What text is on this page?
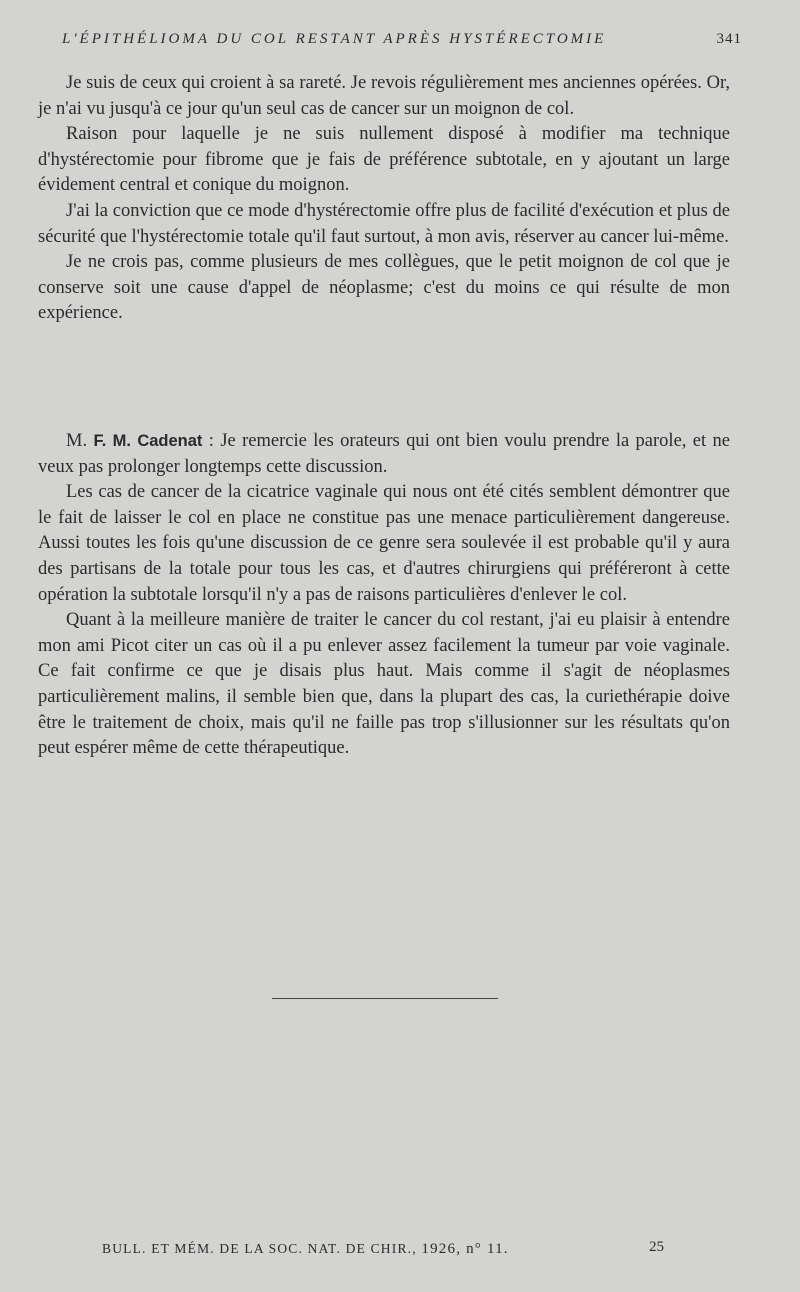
L'ÉPITHÉLIOMA DU COL RESTANT APRÈS HYSTÉRECTOMIE	341

Je suis de ceux qui croient à sa rareté. Je revois régulièrement mes anciennes opérées. Or, je n'ai vu jusqu'à ce jour qu'un seul cas de cancer sur un moignon de col.

Raison pour laquelle je ne suis nullement disposé à modifier ma technique d'hystérectomie pour fibrome que je fais de préférence subtotale, en y ajoutant un large évidement central et conique du moignon.

J'ai la conviction que ce mode d'hystérectomie offre plus de facilité d'exécution et plus de sécurité que l'hystérectomie totale qu'il faut surtout, à mon avis, réserver au cancer lui-même.

Je ne crois pas, comme plusieurs de mes collègues, que le petit moignon de col que je conserve soit une cause d'appel de néoplasme; c'est du moins ce qui résulte de mon expérience.

M. F. M. Cadenat : Je remercie les orateurs qui ont bien voulu prendre la parole, et ne veux pas prolonger longtemps cette discussion.

Les cas de cancer de la cicatrice vaginale qui nous ont été cités semblent démontrer que le fait de laisser le col en place ne constitue pas une menace particulièrement dangereuse. Aussi toutes les fois qu'une discussion de ce genre sera soulevée il est probable qu'il y aura des partisans de la totale pour tous les cas, et d'autres chirurgiens qui préféreront à cette opération la subtotale lorsqu'il n'y a pas de raisons particulières d'enlever le col.

Quant à la meilleure manière de traiter le cancer du col restant, j'ai eu plaisir à entendre mon ami Picot citer un cas où il a pu enlever assez facilement la tumeur par voie vaginale. Ce fait confirme ce que je disais plus haut. Mais comme il s'agit de néoplasmes particulièrement malins, il semble bien que, dans la plupart des cas, la curiethérapie doive être le traitement de choix, mais qu'il ne faille pas trop s'illusionner sur les résultats qu'on peut espérer même de cette thérapeutique.

BULL. ET MÉM. DE LA SOC. NAT. DE CHIR., 1926, n° 11.	25
